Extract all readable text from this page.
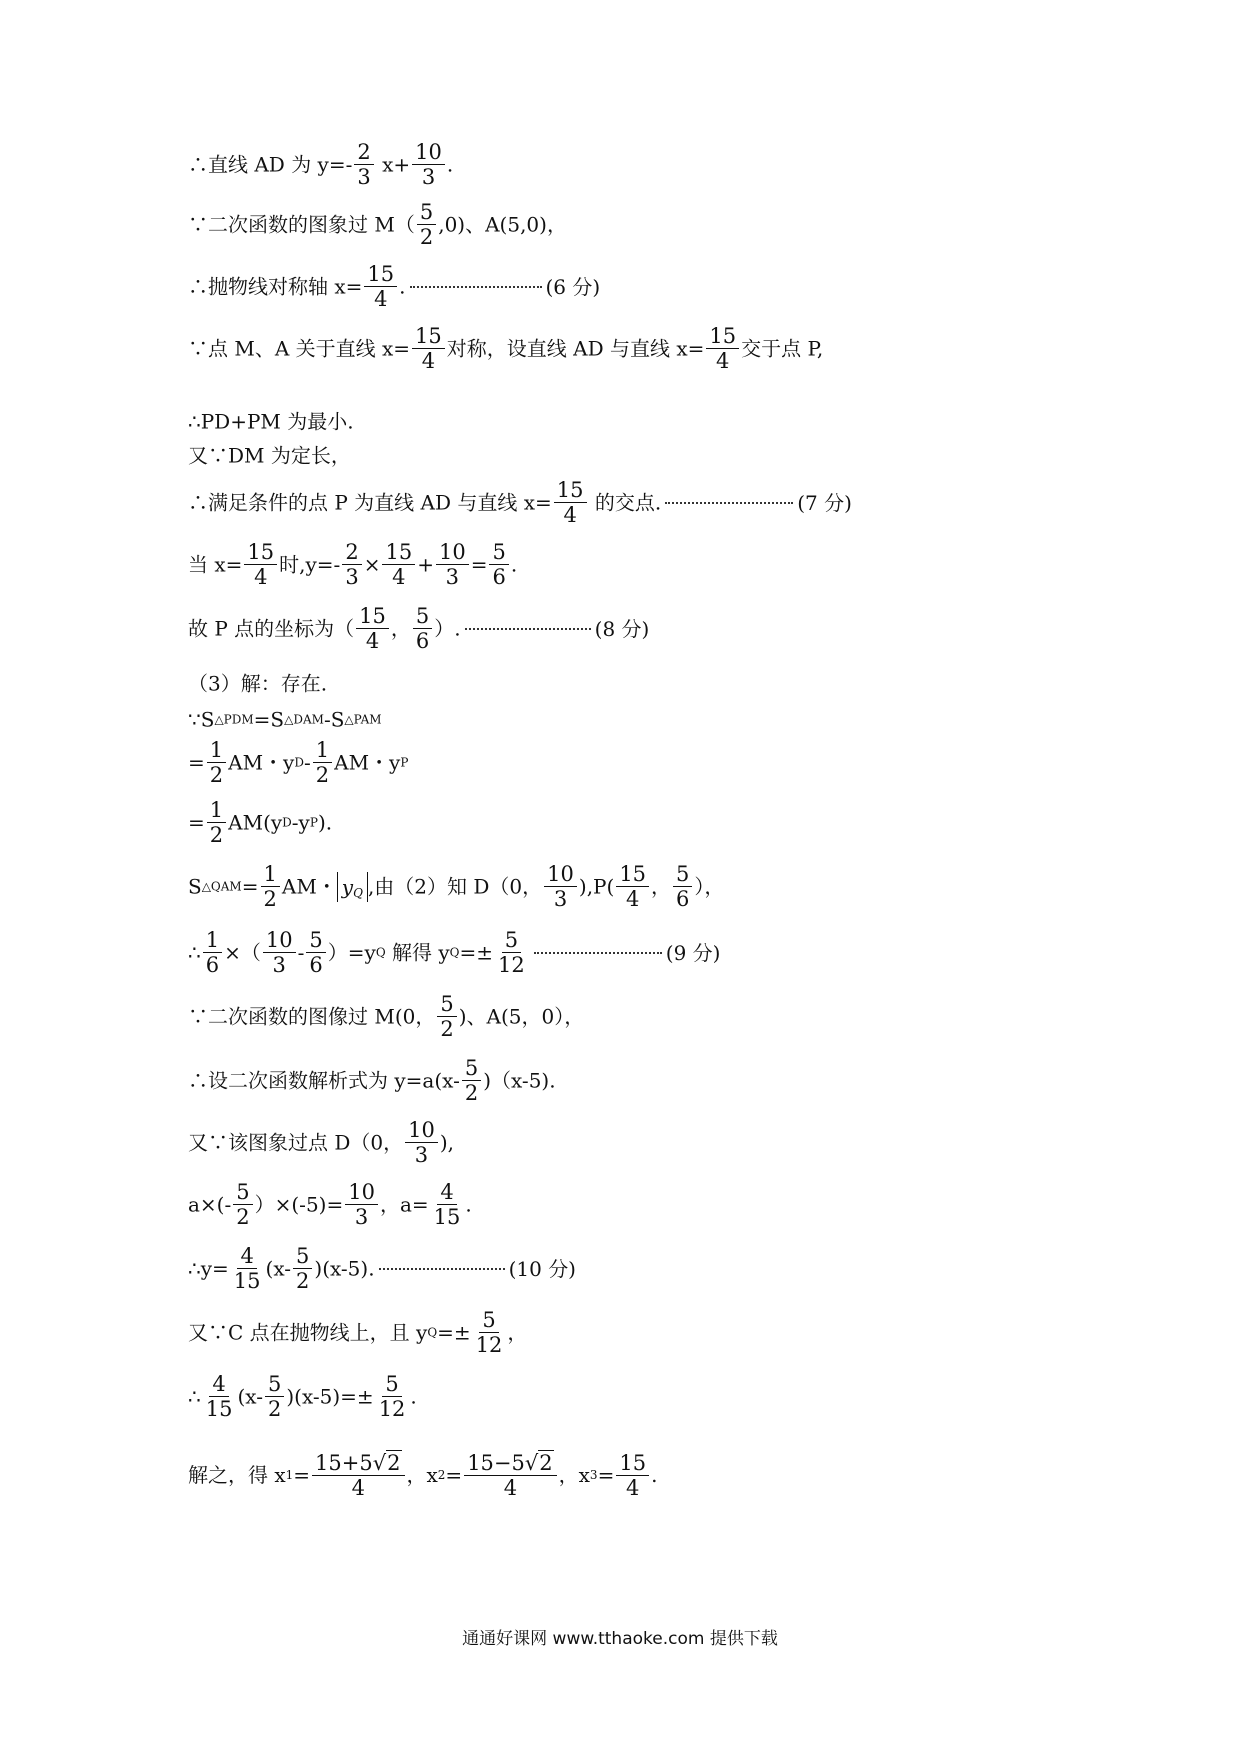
∴直线 AD 为 $y=- \frac{2}{3} x+ \frac{10}{3}$ .
∵二次函数的图象过 $M( \frac{5}{2} ,0)$、A(5,0)，
∴抛物线对称轴 $x= \frac{15}{4}$ .	(6 分)
∵点 M、A 关于直线 $x= \frac{15}{4}$ 对称，设直线 AD 与直线 $x= \frac{15}{4}$ 交于点 P,
∴PD+PM 为最小.
又∵DM 为定长，
∴满足条件的点 P 为直线 AD 与直线 $x= \frac{15}{4}$ 的交点.	(7 分)
当 $x= \frac{15}{4}$ 时$,y=- \frac{2}{3} \times \frac{15}{4} + \frac{10}{3} = \frac{5}{6}$ .
故 P 点的坐标为（ $\frac{15}{4}$ ， $\frac{5}{6}$ ）.	(8 分)
（3）解：存在.
∵S△PDM=S△DAM-S△PAM
= $\frac{1}{2}$ AM・$yD- \frac{1}{2}$ AM・yP
= $\frac{1}{2} AM(yD-yP)$.
S△QAM= $\frac{1}{2}$ AM・ $y_Q$ ,由（2）知 D（0， $\frac{10}{3} ),P( \frac{15}{4}$ ， $\frac{5}{6}$ ），
∴ $\frac{1}{6}$ ×（ $\frac{10}{3} - \frac{5}{6} )=yQ$ 解得 $yQ=\pm \frac{5}{12}$	(9 分)
∵二次函数的图像过 M(0， $\frac{5}{2}$ )、A(5，0），
∴设二次函数解析式为 $y=a(x- \frac{5}{2} )(x-5)$.
又∵该图象过点 D（0， $\frac{10}{3}$ ),
$a\times(- \frac{5}{2} )\times(-5)= \frac{10}{3}$ ，$a= \frac{4}{15}$ .
∴y= $\frac{4}{15} (x- \frac{5}{2} )(x-5)$.	(10 分)
又∵C 点在抛物线上，且 $yQ=\pm \frac{5}{12}$ ，
∴ $\frac{4}{15} (x- \frac{5}{2} )(x-5)=\pm \frac{5}{12}$ .
解之，得 $x1= \frac{15+5√2}{4}$ ，$x2= \frac{15-5√2}{4}$ ，$x3= \frac{15}{4}$ .
通通好课网 www.tthaoke.com 提供下载
